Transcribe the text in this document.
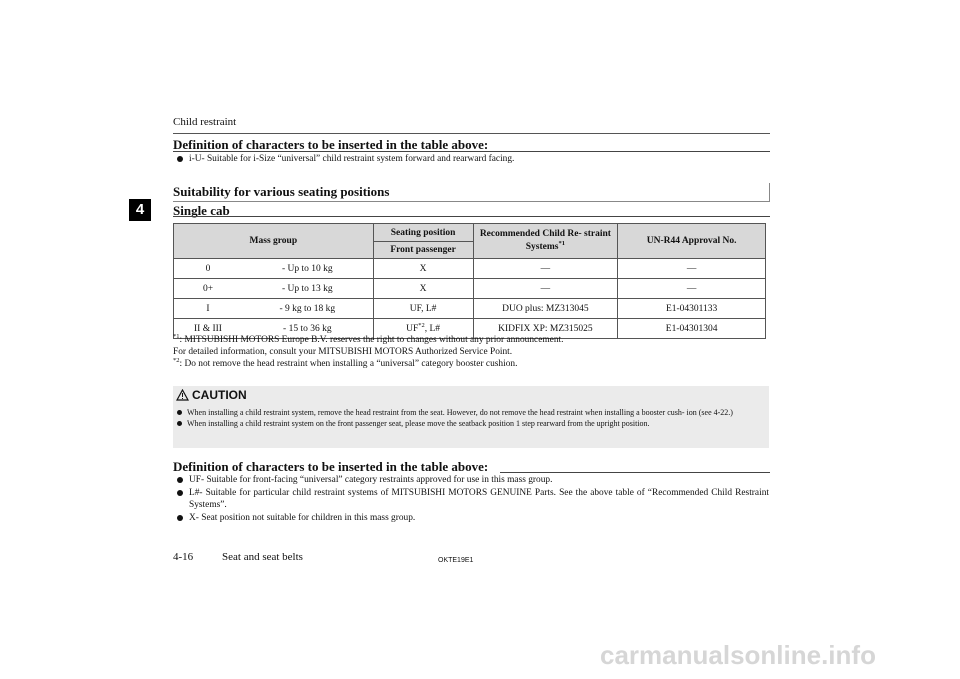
Child restraint
4
Definition of characters to be inserted in the table above:
i-U- Suitable for i-Size “universal” child restraint system forward and rearward facing.
Suitability for various seating positions
Single cab
Mass group	Seating position	Recommended Child Re- straint Systems$^{*1}$	UN-R44 Approval No.
	Front passenger		

0 - Up to 10 kg	X	—	—

0+ - Up to 13 kg	X	—	—

I - 9 kg to 18 kg	UF, L#	DUO plus: MZ313045	E1-04301133

II & III - 15 to 36 kg	UF$^{*2}$, L#	KIDFIX XP: MZ315025	E1-04301304
$^{*1}$: MITSUBISHI MOTORS Europe B.V. reserves the right to changes without any prior announcement.
For detailed information, consult your MITSUBISHI MOTORS Authorized Service Point.
$^{*2}$: Do not remove the head restraint when installing a “universal” category booster cushion.
CAUTION
When installing a child restraint system, remove the head restraint from the seat. However, do not remove the head restraint when installing a booster cush- ion (see 4-22.)
When installing a child restraint system on the front passenger seat, please move the seatback position 1 step rearward from the upright position.
Definition of characters to be inserted in the table above:
UF- Suitable for front-facing “universal” category restraints approved for use in this mass group.
L#- Suitable for particular child restraint systems of MITSUBISHI MOTORS GENUINE Parts. See the above table of “Recommended Child Restraint Systems”.
X- Seat position not suitable for children in this mass group.
4-16	Seat and seat belts	OKTE19E1
carmanualsonline.info
